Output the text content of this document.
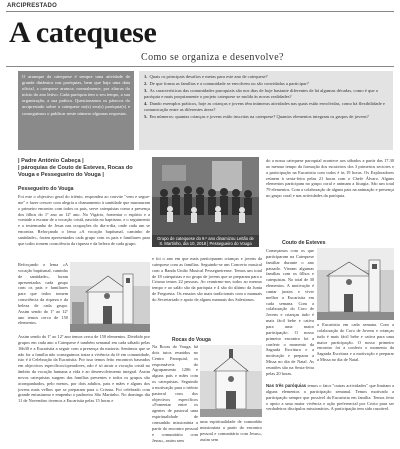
ARCIPRESTADO
A catequese
Como se organiza e desenvolve?
O arranque da catequese é sempre uma atividade de grande dinâmica nas paróquias, bem que haja uma data oficial, a catequese arranca, normalmente, por alturas do início do ano letivo. Cada paróquia tem o seu tempo, a sua organização, a sua prática. Questionamos os párocos do arciprestado sobre a catequese no(s) seu(s) paróquia(s) e conseguimos o publicar neste número algumas respostas.
1. Quais os principais desafios e metas para este ano de catequese?
2. De que forma as famílias e a comunidade se envolvem ou são convidadas a participar?
3. As características das comunidades paroquiais são nos dias de hoje bastante diferentes de há algumas décadas, como é que a paróquia e mais propriamente o projeto catequese se molda às novas realidades?
4. Dando exemplos práticos, hoje as crianças e jovens têm inúmeras atividades nas quais estão envolvidas, como há flexibilidade e comunicação entre as diferentes áreas?
5. Em números: quantas crianças e jovens estão inscritas na catequese? Quantos elementos integram os grupos de jovens?
| Padre António Cabeça |
| pároquias de Couto de Esteves, Rocas do Vouga e Pessegueiro do Vouga |
Pessegueiro do Vouga
Foi este o objectivo geral do triénio, respondeu ao convite "vem e segue-me" e fazer crescer com alegria a chamamento à santidade que murmuram o primeiro encontro com todos os pais, serve catequistas como a presença dos filhos do 1º ano ao 12º ano. No Vigário, fomentar o espírito e a vontade a escutar de a vocação cristã, nascida no baptismo, e o seguimento e o testemunho de Jesus nas ocupações do dia-a-dia, onde cada um se encontra. Reforçando o lema «A vocação baptismal, caminho de santidade», foram apresentados cada grupo com os pais e familiares para que todos tomem consciência da riqueza e da beleza de cada grupo.
Assim sendo do 1º ao 12º ano temos cerca de 150 elementos. Dividido por grupos em cada ano a Catequese é também semanal em cada sábado pelas 16h30 e a Eucaristia a seguir com a presença da maioria. Sentimos que se não for a família não conseguimos tratar a vivência da fé em comunidade, isto é à Celebração da Eucaristia. Por isso temos feito encontros baseados em objectivos específicos/operadores, não é só atrair a vocação cristã no âmbito da vocação humana a vida e ao desenvolvimento integral. Assim novos catequistas surgem das famílias presentes e todos os grupos são acompanhados, pelo menos, por dois adultos, pais e mães e alguns dos jovens mais velhos que se preparam para o Crisma. Foi celebrado com grande entusiasmo e empenho o padroeiro São Martinho. No domingo dia 11 de Novembro tivemos a Eucaristia pelas 15 horas e
Reforçando o lema «A vocação baptismal, caminho de santidade», foram apresentados cada grupo com os pais e familiares para que todos tomem consciência da riqueza e da beleza de cada grupo. Assim sendo do 1º ao 12º ano temos cerca de 150 elementos.
Grupo de catequese do 9.º ano dinamizou Leitão de S. Martinho, dia 10, 2018 | Pessegueiro do Vouga
e foi o ano em que mais participaram crianças e jovens da catequese com as famílias. Seguindo-se um Concerto musical com a Banda União Musical Pessegueirense. Temos um total de 18 catequistas e no grupo de jovens que se preparam para o Crisma temos 22 pessoas. Ao reunirmo-nos todos ao mesmo tempo e ao salão são da paróquia e 4 são do último da Junta de Freguesia. Os ensaios são mais tradicionais com o manuais do Secretariado e apoio de alguns manuais dos Salesianos.
Rocas do Vouga
Na Rocas do Vouga, há dois tutos reunidos no Centro Paroquial, os responsáveis do Agrupamento 1286 e alguns país e mães com os catequistas. Seguindo a motivação para o triénio pastoral com dos objectivos específicos «Fomentar entre os agentes de pastoral uma espiritualidade de comunhão missionária a partir do encontro pessoal e comunitário com Jesus», assim sem
uma espiritualidade de comunhão missionária a partir do encontro pessoal e comunitário com Jesus», assim sem
do a nossa catequese paroquial acontece aos sábados a partir das 17.30 ao mesmo tempo da formação dos escuteiros dos 3 primeiros sectores e a participação na Eucaristia com todos é às 19 horas. Os Exploradores reúnem à sexta-feira pelas 21 horas com o Chefe Álvaro. Alguns elementos participam no grupo coral e animam a liturgia. São um total 79 elementos. Com a colaboração de alguns pais na animação e presença no grupo coral e nas actividades da paróquia.
Couto de Esteves
Começamos com os que participaram na Catequese familiar durante o ano passado. Vieram algumas famílias com os filhos e catequistas. No total de 30 elementos. A motivação é cantar juntos e viver melhor a Eucaristia em cada semana. Com a colaboração do Coro de Jovens e crianças tudo é mais fácil bebe e cativa para uma maior participação. O nosso primeiro encontro foi a conferir o momento da Sagrada Escritura e a motivação e preparar a Missa no dia de Natal. As reuniões são na Sexta-feira pelas 20 horas.
a Eucaristia em cada semana. Com a colaboração do Coro de Jovens e crianças tudo é mais fácil bebe e cativa para uma maior participação. O nosso primeiro encontro foi a conferir o momento da Sagrada Escritura e a motivação e preparar a Missa no dia de Natal.
Nas três paróquias temos o fator "outras actividades" que limitam a alguns elementos a participação semanal. Temos motivado a participação sempre que possível da Eucaristia em família. Temos feito o apoio a uma maior vivência e ação preferencial por Cristo para ser verdadeiros discípulos missionários. A participação tem sido razoável.
